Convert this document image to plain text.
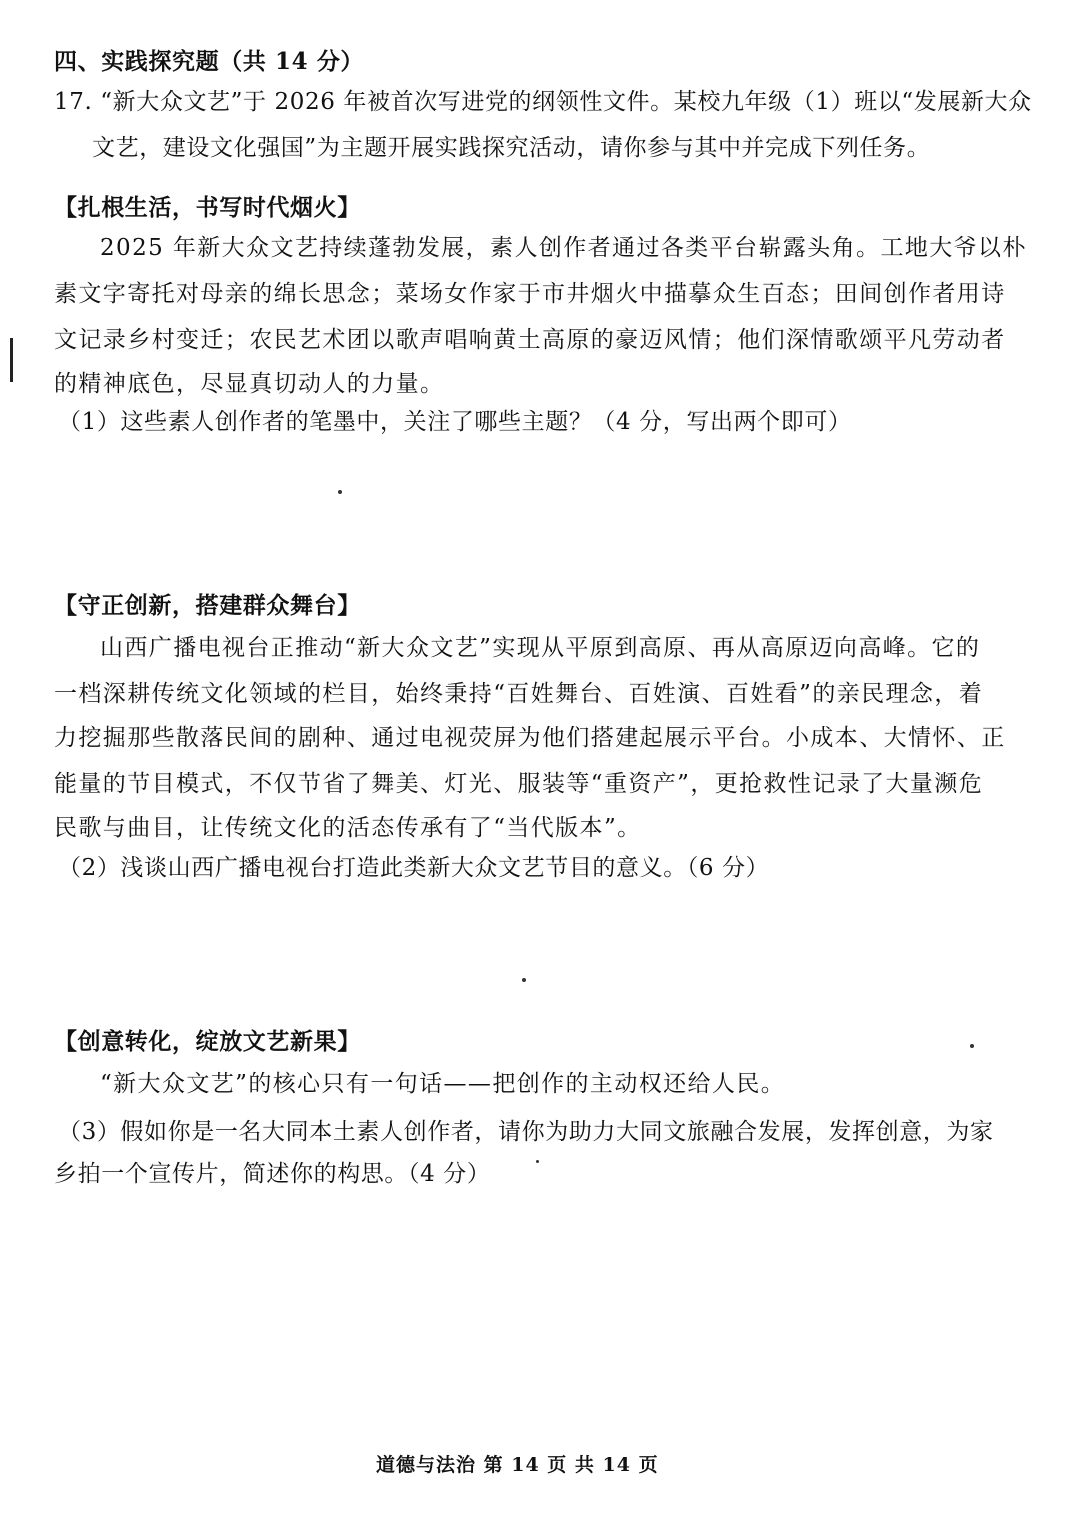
四、实践探究题（共 14 分）
17. “新大众文艺”于 2026 年被首次写进党的纲领性文件。某校九年级（1）班以“发展新大众
文艺，建设文化强国”为主题开展实践探究活动，请你参与其中并完成下列任务。
【扎根生活，书写时代烟火】
2025 年新大众文艺持续蓬勃发展，素人创作者通过各类平台崭露头角。工地大爷以朴
素文字寄托对母亲的绵长思念；菜场女作家于市井烟火中描摹众生百态；田间创作者用诗
文记录乡村变迁；农民艺术团以歌声唱响黄土高原的豪迈风情；他们深情歌颂平凡劳动者
的精神底色，尽显真切动人的力量。
（1）这些素人创作者的笔墨中，关注了哪些主题？（4 分，写出两个即可）
【守正创新，搭建群众舞台】
山西广播电视台正推动“新大众文艺”实现从平原到高原、再从高原迈向高峰。它的
一档深耕传统文化领域的栏目，始终秉持“百姓舞台、百姓演、百姓看”的亲民理念，着
力挖掘那些散落民间的剧种、通过电视荧屏为他们搭建起展示平台。小成本、大情怀、正
能量的节目模式，不仅节省了舞美、灯光、服装等“重资产”，更抢救性记录了大量濒危
民歌与曲目，让传统文化的活态传承有了“当代版本”。
（2）浅谈山西广播电视台打造此类新大众文艺节目的意义。（6 分）
【创意转化，绽放文艺新果】
“新大众文艺”的核心只有一句话——把创作的主动权还给人民。
（3）假如你是一名大同本土素人创作者，请你为助力大同文旅融合发展，发挥创意，为家
乡拍一个宣传片，简述你的构思。（4 分）
道德与法治 第 14 页 共 14 页
